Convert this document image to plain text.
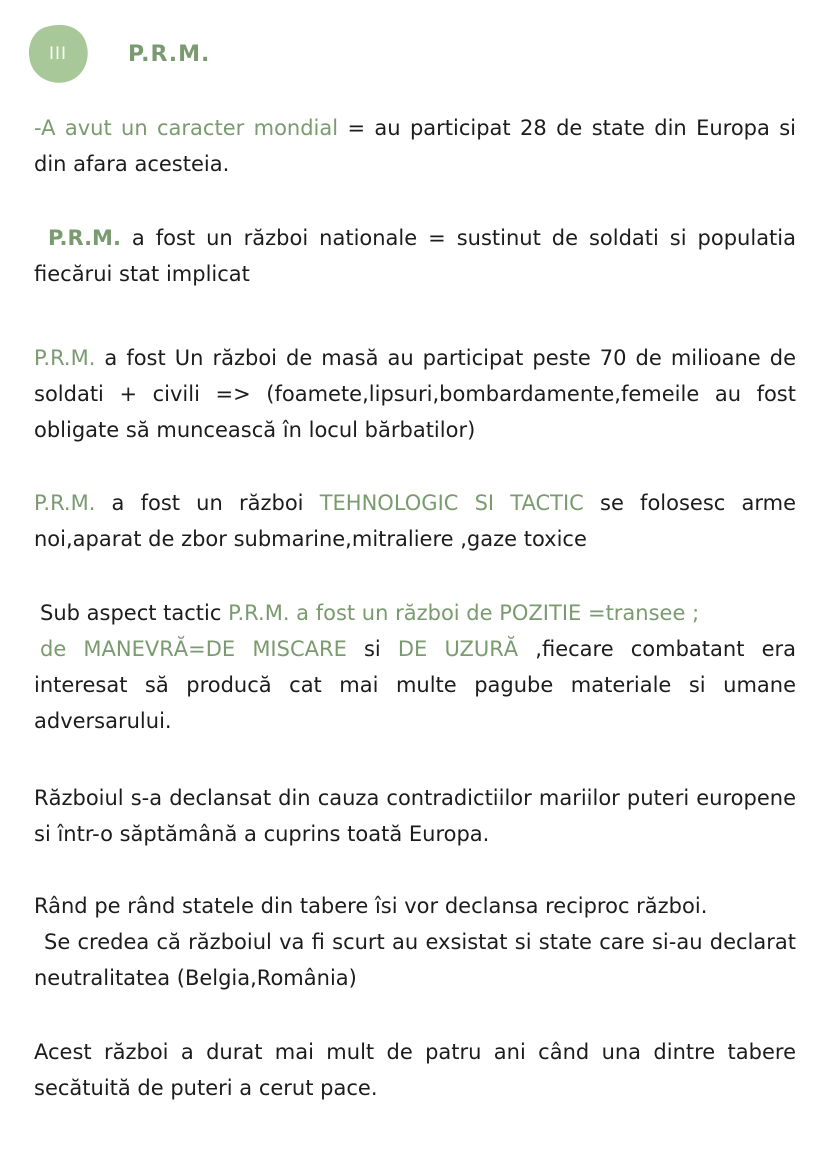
III	P.R.M.

-A avut un caracter mondial = au participat 28 de state din Europa si din afara acesteia.

P.R.M. a fost un război nationale = sustinut de soldati si populatia fiecărui stat implicat

P.R.M. a fost Un război de masă au participat peste 70 de milioane de soldati + civili => (foamete,lipsuri,bombardamente,femeile au fost obligate să muncească în locul bărbatilor)

P.R.M. a fost un război TEHNOLOGIC SI TACTIC se folosesc arme noi,aparat de zbor submarine,mitraliere ,gaze toxice

Sub aspect tactic P.R.M. a fost un război de POZITIE =transee ;
de MANEVRĂ=DE MISCARE si DE UZURĂ ,fiecare combatant era interesat să producă cat mai multe pagube materiale si umane adversarului.

Războiul s-a declansat din cauza contradictiilor mariilor puteri europene si într-o săptămână a cuprins toată Europa.

Rând pe rând statele din tabere îsi vor declansa reciproc război.
Se credea că războiul va fi scurt au exsistat si state care si-au declarat neutralitatea (Belgia,România)

Acest război a durat mai mult de patru ani când una dintre tabere secătuită de puteri a cerut pace.
